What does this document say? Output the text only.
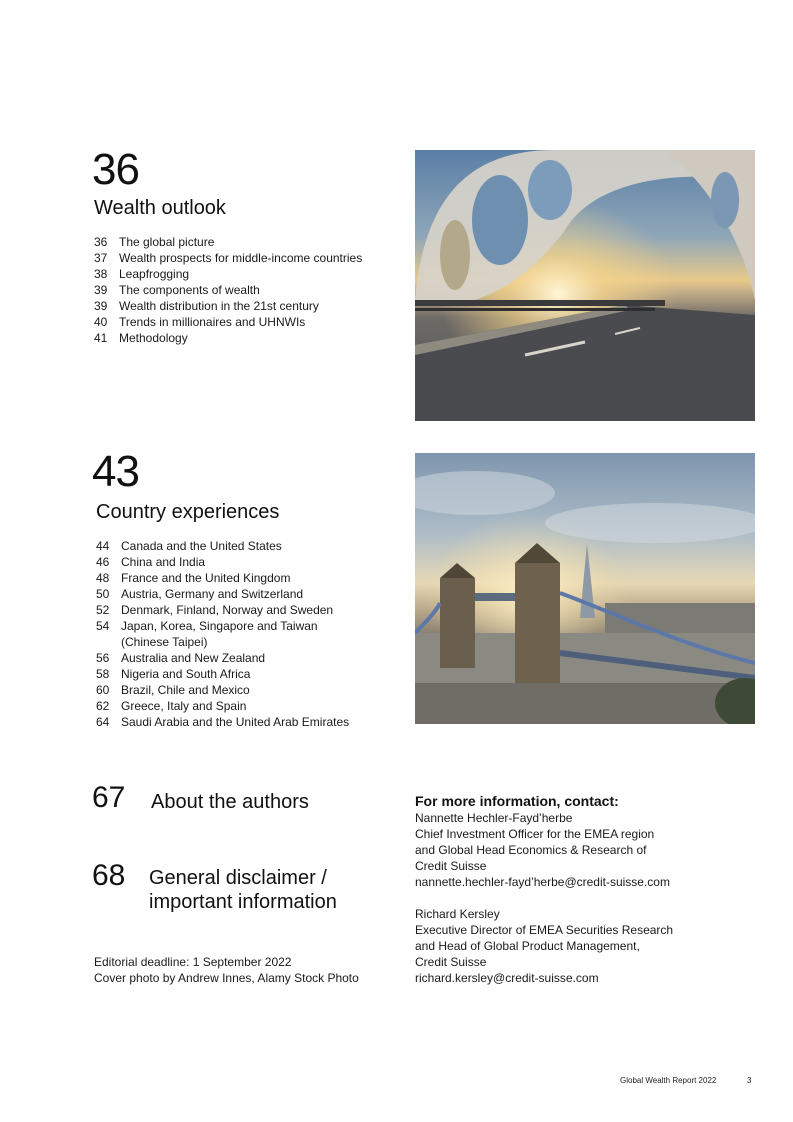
36
Wealth outlook
36 The global picture
37 Wealth prospects for middle-income countries
38 Leapfrogging
39 The components of wealth
39 Wealth distribution in the 21st century
40 Trends in millionaires and UHNWIs
41 Methodology
43
Country experiences
44 Canada and the United States
46 China and India
48 France and the United Kingdom
50 Austria, Germany and Switzerland
52 Denmark, Finland, Norway and Sweden
54 Japan, Korea, Singapore and Taiwan
(Chinese Taipei)
56 Australia and New Zealand
58 Nigeria and South Africa
60 Brazil, Chile and Mexico
62 Greece, Italy and Spain
64 Saudi Arabia and the United Arab Emirates
67 About the authors
68 General disclaimer /
important information
Editorial deadline: 1 September 2022
Cover photo by Andrew Innes, Alamy Stock Photo
For more information, contact:
Nannette Hechler-Fayd’herbe
Chief Investment Officer for the EMEA region
and Global Head Economics & Research of
Credit Suisse
nannette.hechler-fayd’herbe@credit-suisse.com
Richard Kersley
Executive Director of EMEA Securities Research
and Head of Global Product Management,
Credit Suisse
richard.kersley@credit-suisse.com
Global Wealth Report 2022	3
